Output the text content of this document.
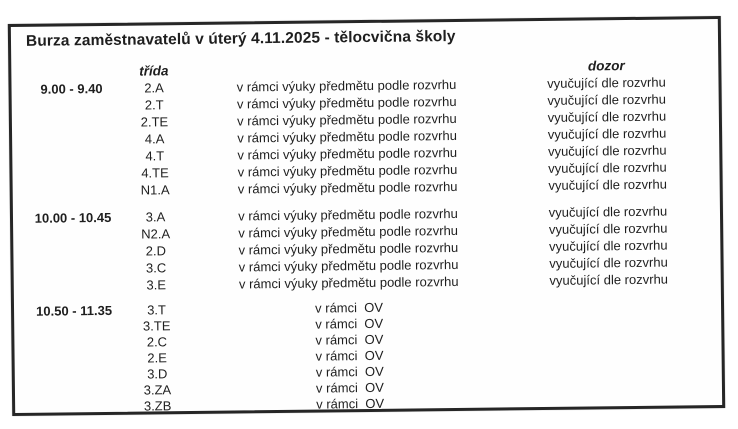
Burza zaměstnavatelů v úterý 4.11.2025 - tělocvična školy
třída	dozor
9.00 - 9.40	2.A	v rámci výuky předmětu podle rozvrhu	vyučující dle rozvrhu
2.T	v rámci výuky předmětu podle rozvrhu	vyučující dle rozvrhu
2.TE	v rámci výuky předmětu podle rozvrhu	vyučující dle rozvrhu
4.A	v rámci výuky předmětu podle rozvrhu	vyučující dle rozvrhu
4.T	v rámci výuky předmětu podle rozvrhu	vyučující dle rozvrhu
4.TE	v rámci výuky předmětu podle rozvrhu	vyučující dle rozvrhu
N1.A	v rámci výuky předmětu podle rozvrhu	vyučující dle rozvrhu
10.00 - 10.45	3.A	v rámci výuky předmětu podle rozvrhu	vyučující dle rozvrhu
N2.A	v rámci výuky předmětu podle rozvrhu	vyučující dle rozvrhu
2.D	v rámci výuky předmětu podle rozvrhu	vyučující dle rozvrhu
3.C	v rámci výuky předmětu podle rozvrhu	vyučující dle rozvrhu
3.E	v rámci výuky předmětu podle rozvrhu	vyučující dle rozvrhu
10.50 - 11.35	3.T	v rámci  OV
3.TE	v rámci  OV
2.C	v rámci  OV
2.E	v rámci  OV
3.D	v rámci  OV
3.ZA	v rámci  OV
3.ZB	v rámci  OV
